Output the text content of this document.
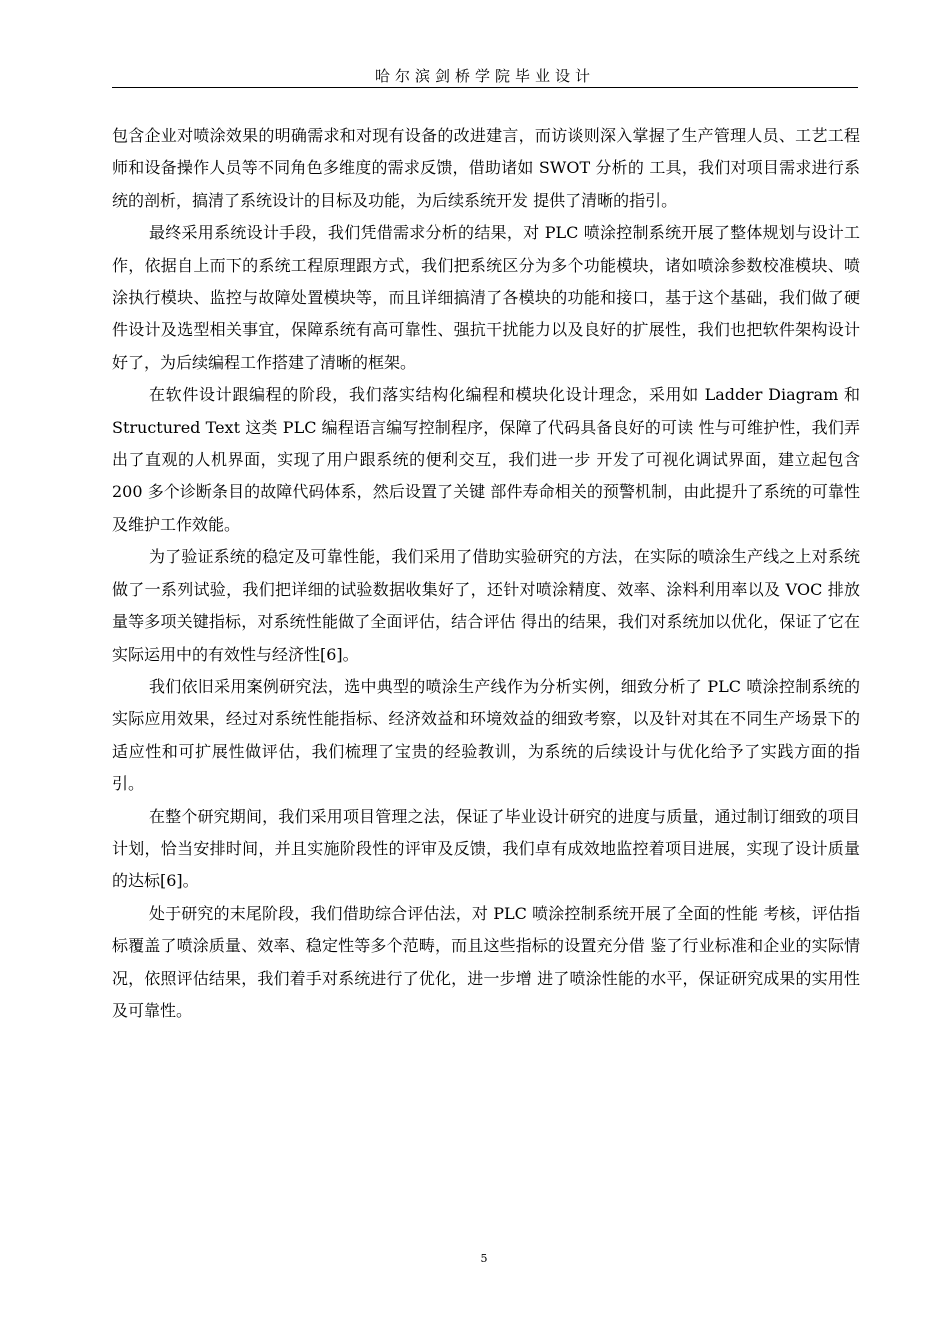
哈尔滨剑桥学院毕业设计

包含企业对喷涂效果的明确需求和对现有设备的改进建言，而访谈则深入掌握了生产管理人员、工艺工程师和设备操作人员等不同角色多维度的需求反馈，借助诸如 SWOT 分析的 工具，我们对项目需求进行系统的剖析，搞清了系统设计的目标及功能，为后续系统开发 提供了清晰的指引。

最终采用系统设计手段，我们凭借需求分析的结果，对 PLC 喷涂控制系统开展了整体规划与设计工作，依据自上而下的系统工程原理跟方式，我们把系统区分为多个功能模块，诸如喷涂参数校准模块、喷涂执行模块、监控与故障处置模块等，而且详细搞清了各模块的功能和接口，基于这个基础，我们做了硬件设计及选型相关事宜，保障系统有高可靠性、强抗干扰能力以及良好的扩展性，我们也把软件架构设计好了，为后续编程工作搭建了清晰的框架。

在软件设计跟编程的阶段，我们落实结构化编程和模块化设计理念，采用如 Ladder Diagram 和 Structured Text 这类 PLC 编程语言编写控制程序，保障了代码具备良好的可读 性与可维护性，我们弄出了直观的人机界面，实现了用户跟系统的便利交互，我们进一步 开发了可视化调试界面，建立起包含 200 多个诊断条目的故障代码体系，然后设置了关键 部件寿命相关的预警机制，由此提升了系统的可靠性及维护工作效能。

为了验证系统的稳定及可靠性能，我们采用了借助实验研究的方法，在实际的喷涂生产线之上对系统做了一系列试验，我们把详细的试验数据收集好了，还针对喷涂精度、效率、涂料利用率以及 VOC 排放量等多项关键指标，对系统性能做了全面评估，结合评估 得出的结果，我们对系统加以优化，保证了它在实际运用中的有效性与经济性[6]。

我们依旧采用案例研究法，选中典型的喷涂生产线作为分析实例，细致分析了 PLC 喷涂控制系统的实际应用效果，经过对系统性能指标、经济效益和环境效益的细致考察，以及针对其在不同生产场景下的适应性和可扩展性做评估，我们梳理了宝贵的经验教训，为系统的后续设计与优化给予了实践方面的指引。

在整个研究期间，我们采用项目管理之法，保证了毕业设计研究的进度与质量，通过制订细致的项目计划，恰当安排时间，并且实施阶段性的评审及反馈，我们卓有成效地监控着项目进展，实现了设计质量的达标[6]。

处于研究的末尾阶段，我们借助综合评估法，对 PLC 喷涂控制系统开展了全面的性能 考核，评估指标覆盖了喷涂质量、效率、稳定性等多个范畴，而且这些指标的设置充分借 鉴了行业标准和企业的实际情况，依照评估结果，我们着手对系统进行了优化，进一步增 进了喷涂性能的水平，保证研究成果的实用性及可靠性。

5
